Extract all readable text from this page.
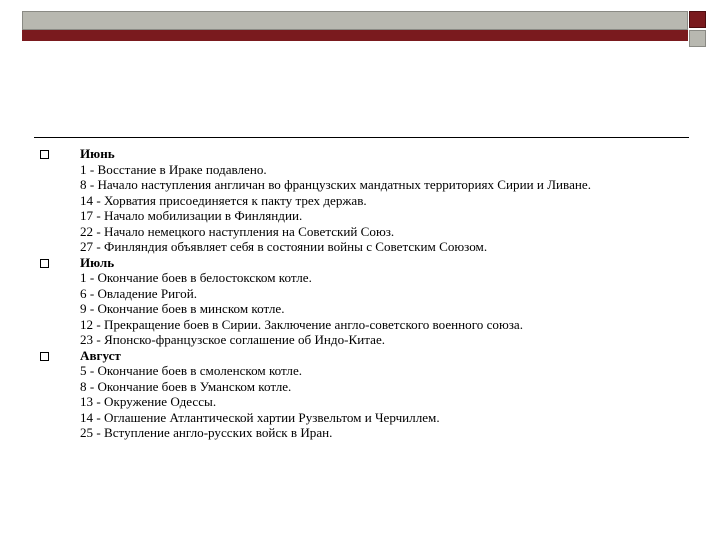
Июнь
1 - Восстание в Ираке подавлено.
8 - Начало наступления англичан во французских мандатных территориях Сирии и Ливане.
14 - Хорватия присоединяется к пакту трех держав.
17 - Начало мобилизации в Финляндии.
22 - Начало немецкого наступления на Советский Союз.
27 - Финляндия объявляет себя в состоянии войны с Советским Союзом.
Июль
1 - Окончание боев в белостокском котле.
6 - Овладение Ригой.
9 - Окончание боев в минском котле.
12 - Прекращение боев в Сирии. Заключение англо-советского военного союза.
23 - Японско-французское соглашение об Индо-Китае.
Август
5 - Окончание боев в смоленском котле.
8 - Окончание боев в Уманском котле.
13 - Окружение Одессы.
14 - Оглашение Атлантической хартии Рузвельтом и Черчиллем.
25 - Вступление англо-русских войск в Иран.
